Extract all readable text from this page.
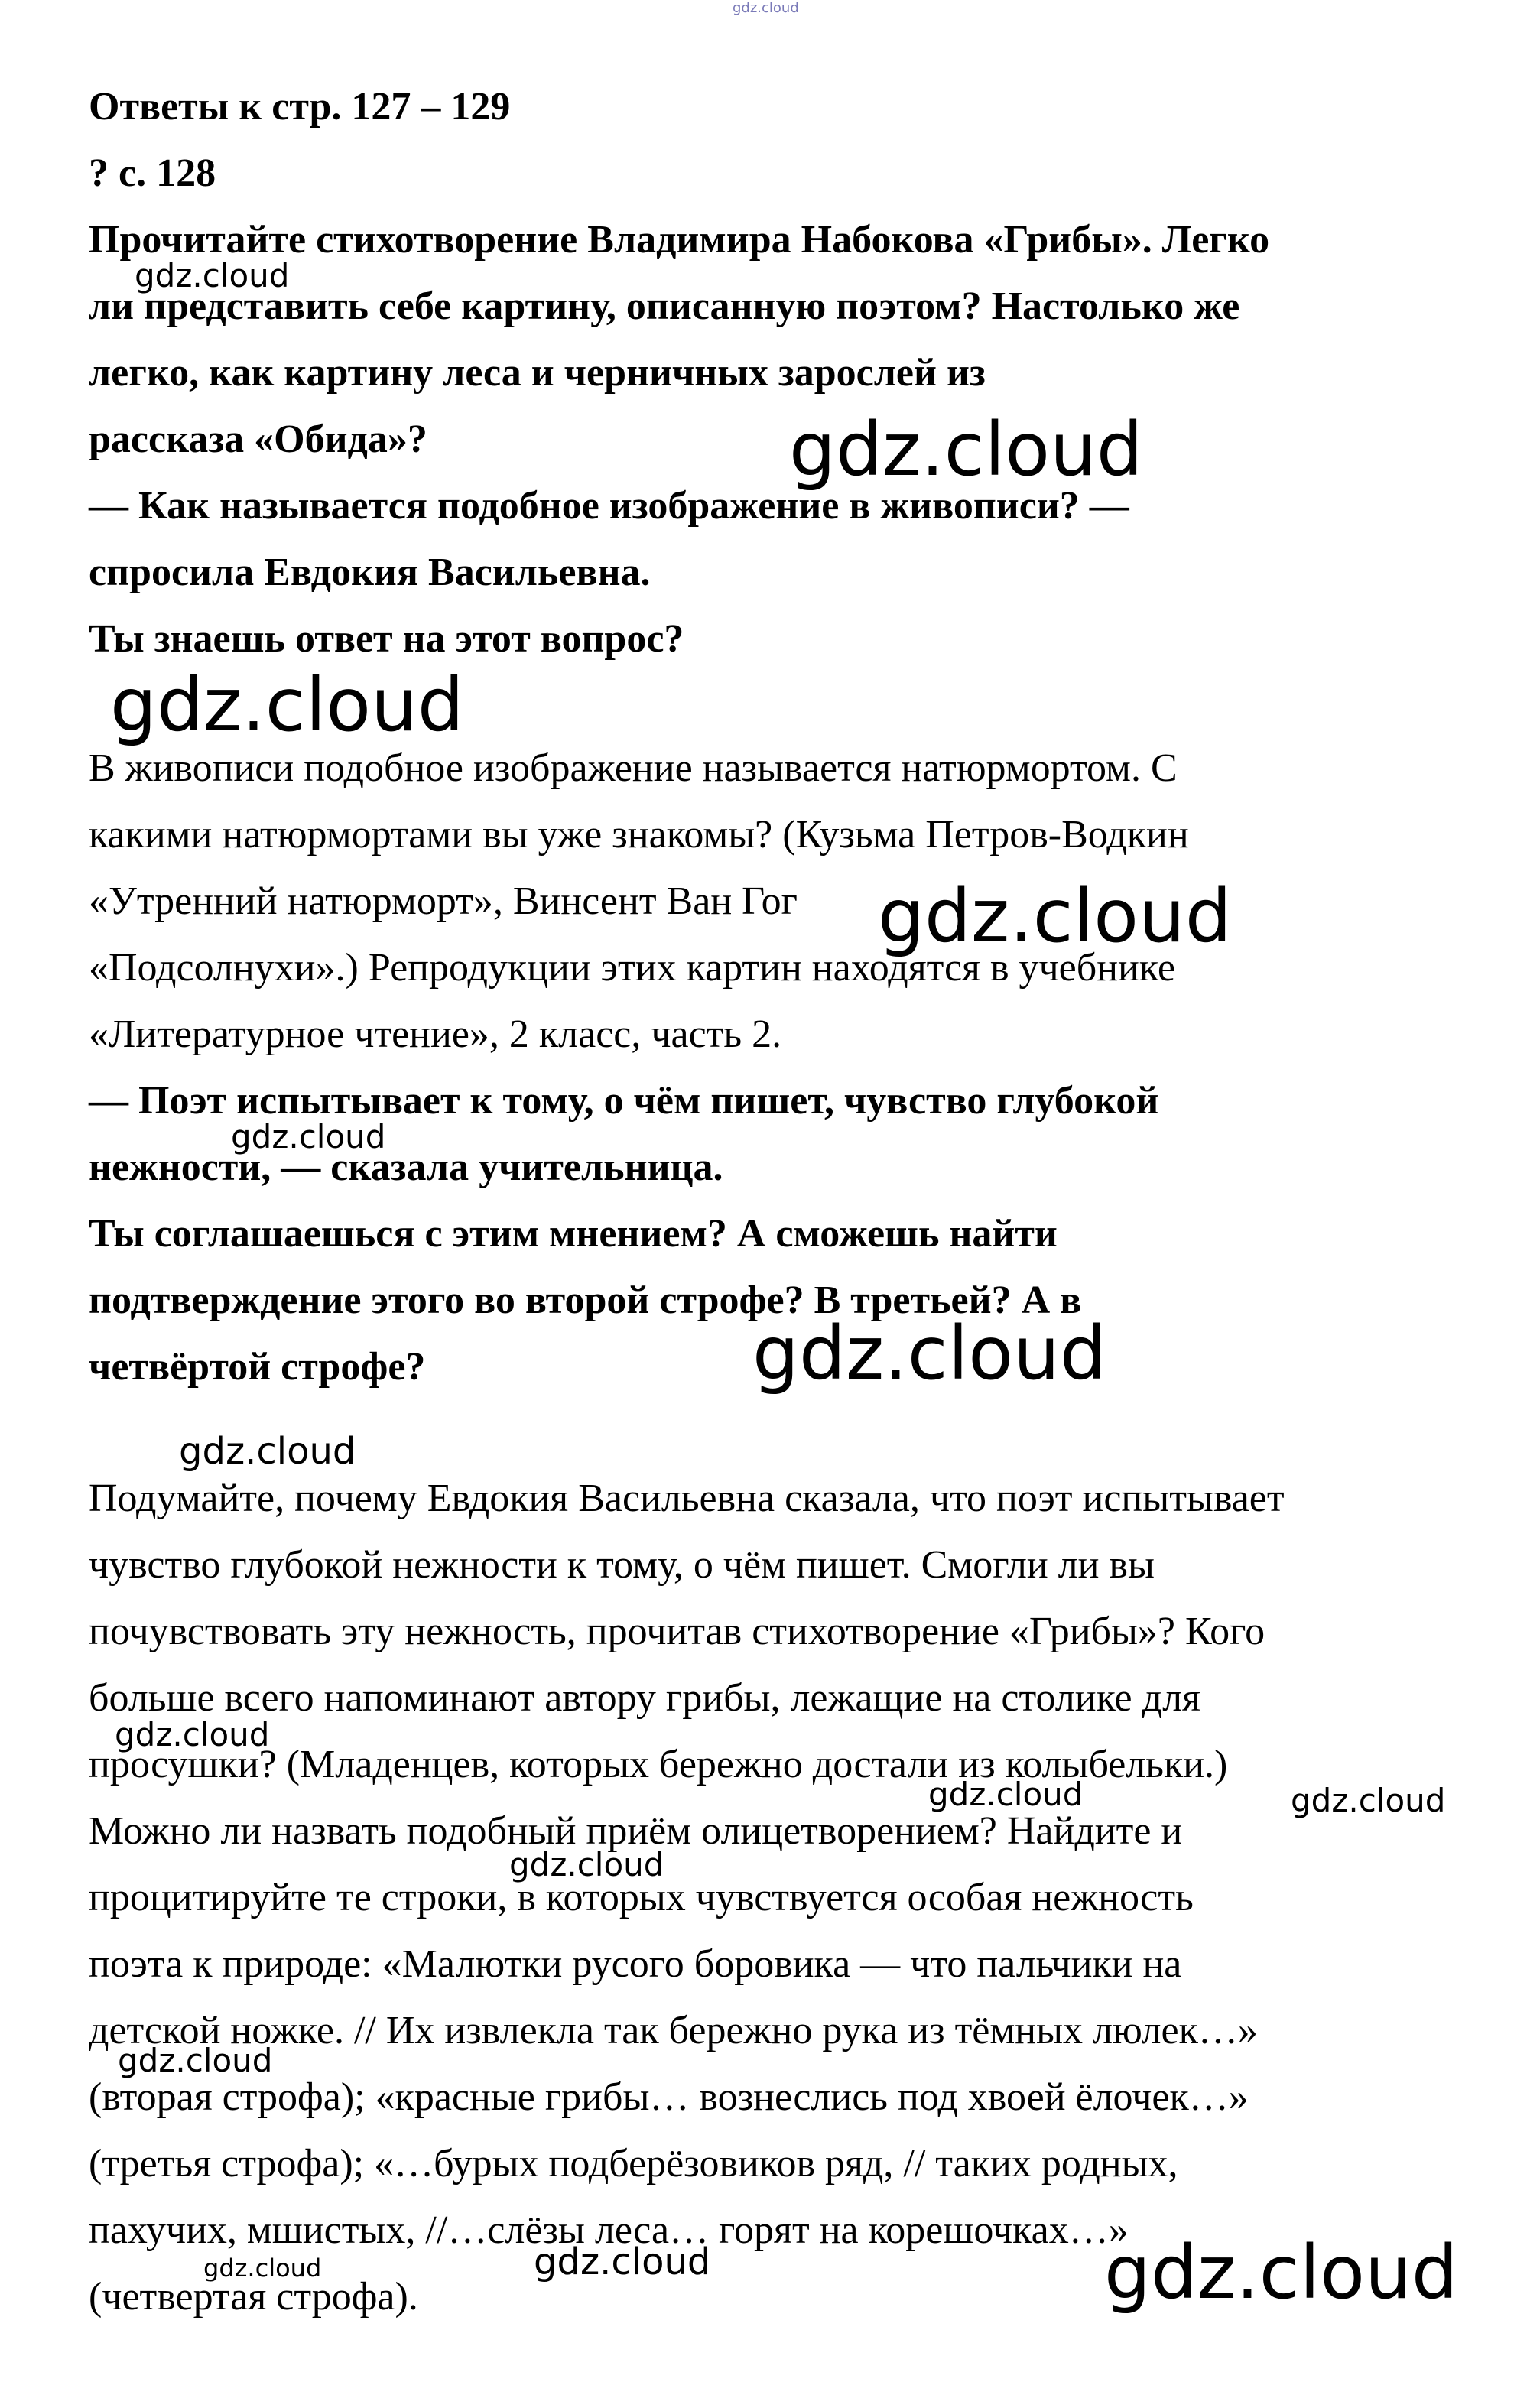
gdz.cloud
Ответы к стр. 127 – 129
? с. 128
Прочитайте стихотворение Владимира Набокова «Грибы». Легко
ли представить себе картину, описанную поэтом? Настолько же
легко, как картину леса и черничных зарослей из
рассказа «Обида»?
— Как называется подобное изображение в живописи? —
спросила Евдокия Васильевна.
Ты знаешь ответ на этот вопрос?
В живописи подобное изображение называется натюрмортом. С
какими натюрмортами вы уже знакомы? (Кузьма Петров-Водкин
«Утренний натюрморт», Винсент Ван Гог
«Подсолнухи».) Репродукции этих картин находятся в учебнике
«Литературное чтение», 2 класс, часть 2.
— Поэт испытывает к тому, о чём пишет, чувство глубокой
нежности, — сказала учительница.
Ты соглашаешься с этим мнением? А сможешь найти
подтверждение этого во второй строфе? В третьей? А в
четвёртой строфе?
Подумайте, почему Евдокия Васильевна сказала, что поэт испытывает
чувство глубокой нежности к тому, о чём пишет. Смогли ли вы
почувствовать эту нежность, прочитав стихотворение «Грибы»? Кого
больше всего напоминают автору грибы, лежащие на столике для
просушки? (Младенцев, которых бережно достали из колыбельки.)
Можно ли назвать подобный приём олицетворением? Найдите и
процитируйте те строки, в которых чувствуется особая нежность
поэта к природе: «Малютки русого боровика — что пальчики на
детской ножке. // Их извлекла так бережно рука из тёмных люлек…»
(вторая строфа); «красные грибы… вознеслись под хвоей ёлочек…»
(третья строфа); «…бурых подберёзовиков ряд, // таких родных,
пахучих, мшистых, //…слёзы леса… горят на корешочках…»
(четвертая строфа).
gdz.cloud
gdz.cloud
gdz.cloud
gdz.cloud
gdz.cloud
gdz.cloud
gdz.cloud
gdz.cloud
gdz.cloud	gdz.cloud
gdz.cloud
gdz.cloud
gdz.cloud	gdz.cloud	gdz.cloud
